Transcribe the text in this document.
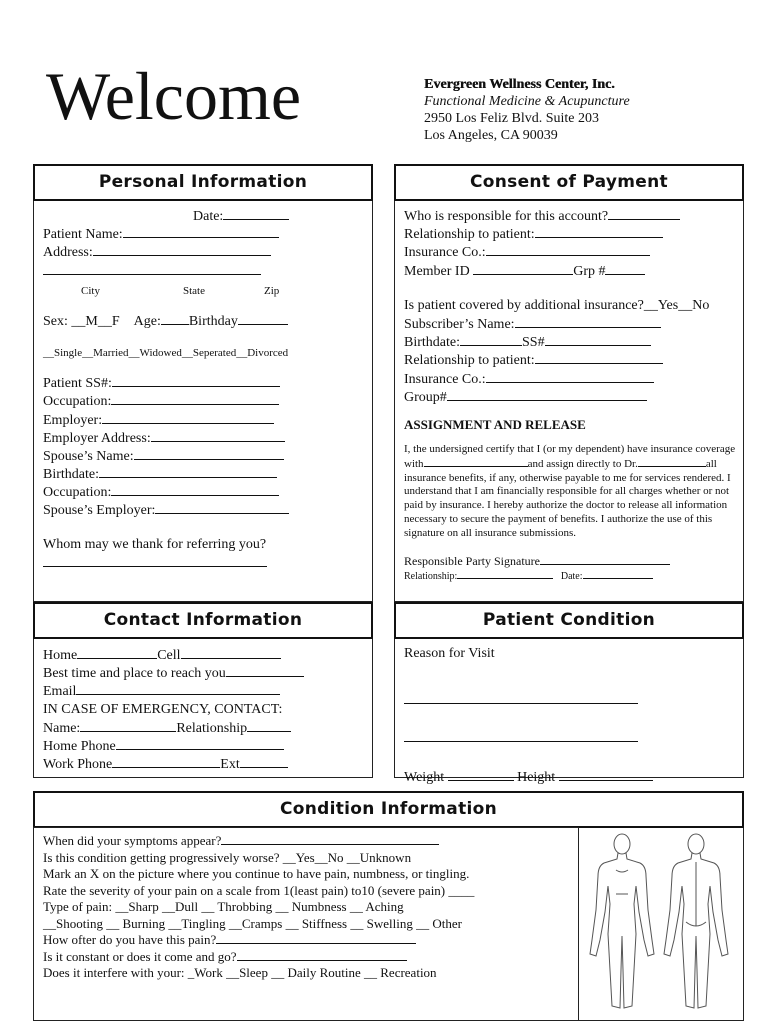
Welcome	Evergreen Wellness Center, Inc.
Functional Medicine & Acupuncture
2950 Los Feliz Blvd. Suite 203
Los Angeles, CA 90039
Personal Information
Date:
Patient Name:
Address:
City	State	Zip
Sex: __M__F Age: Birthday
__Single__Married__Widowed__Seperated__Divorced
Patient SS#:
Occupation:
Employer:
Employer Address:
Spouse’s Name:
Birthdate:
Occupation:
Spouse’s Employer:
Whom may we thank for referring you?
Consent of Payment
Who is responsible for this account?
Relationship to patient:
Insurance Co.:
Member ID	Grp #
Is patient covered by additional insurance?__Yes__No
Subscriber’s Name:
Birthdate:	SS#
Relationship to patient:
Insurance Co.:
Group#
ASSIGNMENT AND RELEASE
I, the undersigned certify that I (or my dependent) have insurance coverage with	and assign directly to Dr.	all insurance benefits, if any, otherwise payable to me for services rendered. I understand that I am financially responsible for all charges whether or not paid by insurance. I hereby authorize the doctor to release all information necessary to secure the payment of benefits. I authorize the use of this signature on all insurance submissions.
Responsible Party Signature
Relationship:	Date:
Contact Information
Home	Cell
Best time and place to reach you
Email
IN CASE OF EMERGENCY, CONTACT:
Name:	Relationship
Home Phone
Work Phone	Ext
Patient Condition
Reason for Visit
Weight	Height
Condition Information
When did your symptoms appear?
Is this condition getting progressively worse? __Yes__No __Unknown
Mark an X on the picture where you continue to have pain, numbness, or tingling.
Rate the severity of your pain on a scale from 1(least pain) to10 (severe pain) ____
Type of pain: __Sharp __Dull __ Throbbing __ Numbness __ Aching
__Shooting __ Burning __Tingling __Cramps __ Stiffness __ Swelling __ Other
How ofter do you have this pain?
Is it constant or does it come and go?
Does it interfere with your: _Work __Sleep __ Daily Routine __ Recreation
